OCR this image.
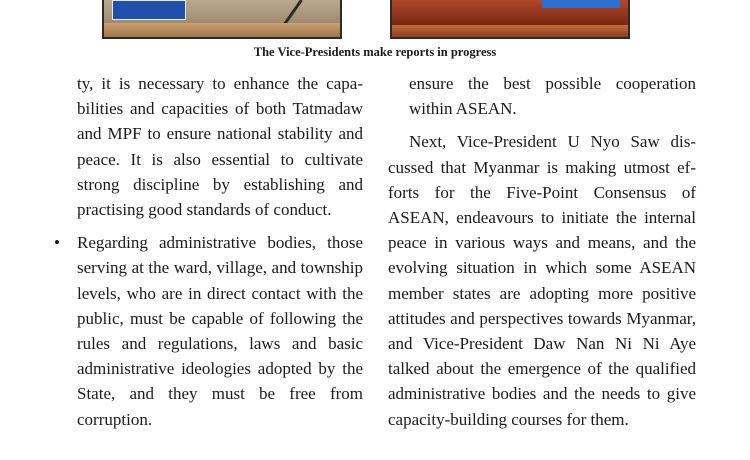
The Vice-Presidents make reports in progress

ty, it is necessary to enhance the capabilities and capacities of both Tatmadaw and MPF to ensure national stability and peace. It is also essential to cultivate strong discipline by establishing and practising good standards of conduct.

• Regarding administrative bodies, those serving at the ward, village, and township levels, who are in direct contact with the public, must be capable of following the rules and regulations, laws and basic administrative ideologies adopted by the State, and they must be free from corruption.

ensure the best possible cooperation within ASEAN.

Next, Vice-President U Nyo Saw discussed that Myanmar is making utmost efforts for the Five-Point Consensus of ASEAN, endeavours to initiate the internal peace in various ways and means, and the evolving situation in which some ASEAN member states are adopting more positive attitudes and perspectives towards Myanmar, and Vice-President Daw Nan Ni Ni Aye talked about the emergence of the qualified administrative bodies and the needs to give capacity-building courses for them.
